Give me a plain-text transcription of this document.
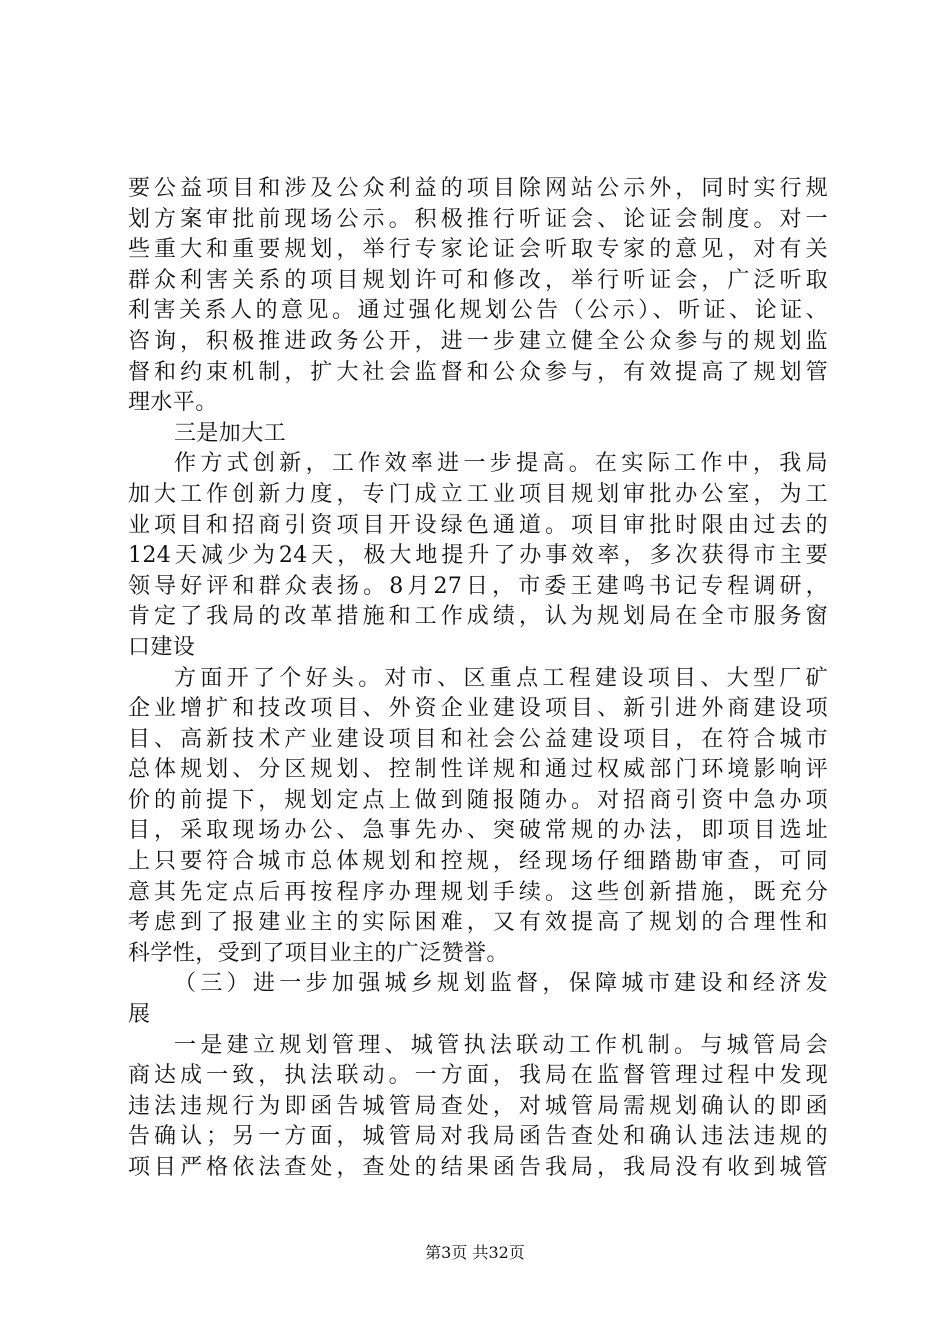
要公益项目和涉及公众利益的项目除网站公示外，同时实行规
划方案审批前现场公示。积极推行听证会、论证会制度。对一
些重大和重要规划，举行专家论证会听取专家的意见，对有关
群众利害关系的项目规划许可和修改，举行听证会，广泛听取
利害关系人的意见。通过强化规划公告（公示）、听证、论证、
咨询，积极推进政务公开，进一步建立健全公众参与的规划监
督和约束机制，扩大社会监督和公众参与，有效提高了规划管
理水平。
三是加大工
作方式创新，工作效率进一步提高。在实际工作中，我局
加大工作创新力度，专门成立工业项目规划审批办公室，为工
业项目和招商引资项目开设绿色通道。项目审批时限由过去的
124天减少为24天，极大地提升了办事效率，多次获得市主要
领导好评和群众表扬。8月27日，市委王建鸣书记专程调研，
肯定了我局的改革措施和工作成绩，认为规划局在全市服务窗
口建设
方面开了个好头。对市、区重点工程建设项目、大型厂矿
企业增扩和技改项目、外资企业建设项目、新引进外商建设项
目、高新技术产业建设项目和社会公益建设项目，在符合城市
总体规划、分区规划、控制性详规和通过权威部门环境影响评
价的前提下，规划定点上做到随报随办。对招商引资中急办项
目，采取现场办公、急事先办、突破常规的办法，即项目选址
上只要符合城市总体规划和控规，经现场仔细踏勘审查，可同
意其先定点后再按程序办理规划手续。这些创新措施，既充分
考虑到了报建业主的实际困难，又有效提高了规划的合理性和
科学性，受到了项目业主的广泛赞誉。
（三）进一步加强城乡规划监督，保障城市建设和经济发
展
一是建立规划管理、城管执法联动工作机制。与城管局会
商达成一致，执法联动。一方面，我局在监督管理过程中发现
违法违规行为即函告城管局查处，对城管局需规划确认的即函
告确认；另一方面，城管局对我局函告查处和确认违法违规的
项目严格依法查处，查处的结果函告我局，我局没有收到城管
第3页 共32页
